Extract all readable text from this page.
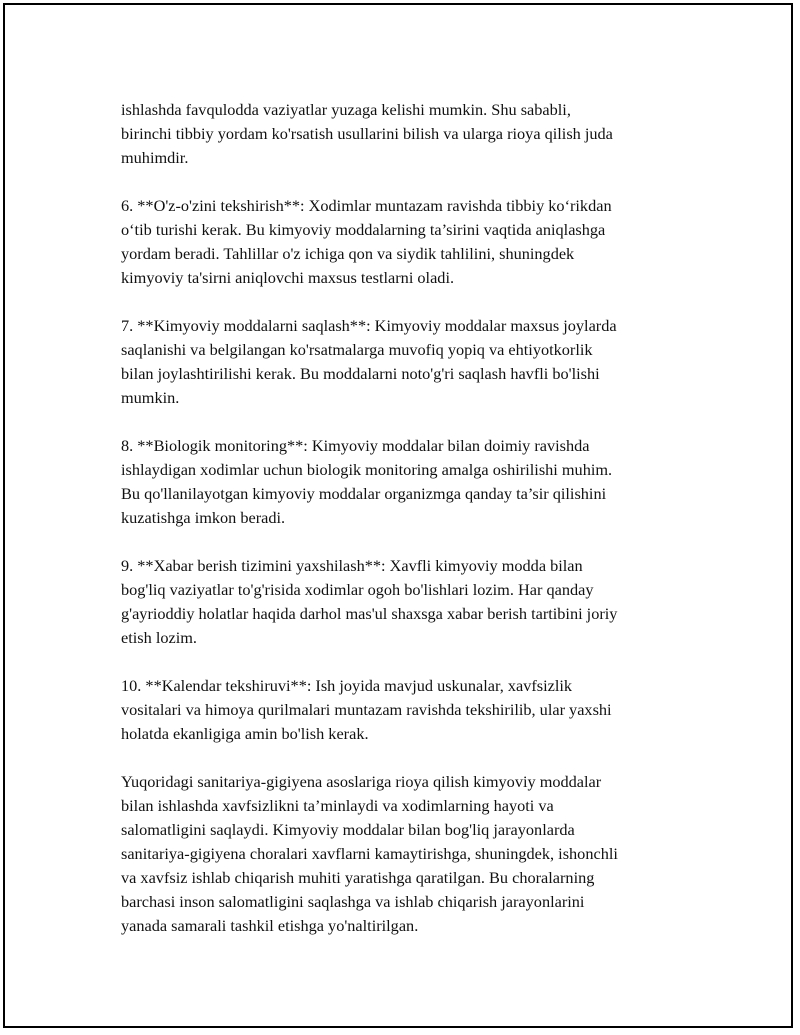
ishlashda favqulodda vaziyatlar yuzaga kelishi mumkin. Shu sababli,
birinchi tibbiy yordam ko'rsatish usullarini bilish va ularga rioya qilish juda
muhimdir.

6. **O'z-o'zini tekshirish**: Xodimlar muntazam ravishda tibbiy ko‘rikdan
o‘tib turishi kerak. Bu kimyoviy moddalarning ta’sirini vaqtida aniqlashga
yordam beradi. Tahlillar o'z ichiga qon va siydik tahlilini, shuningdek
kimyoviy ta'sirni aniqlovchi maxsus testlarni oladi.

7. **Kimyoviy moddalarni saqlash**: Kimyoviy moddalar maxsus joylarda
saqlanishi va belgilangan ko'rsatmalarga muvofiq yopiq va ehtiyotkorlik
bilan joylashtirilishi kerak. Bu moddalarni noto'g'ri saqlash havfli bo'lishi
mumkin.

8. **Biologik monitoring**: Kimyoviy moddalar bilan doimiy ravishda
ishlaydigan xodimlar uchun biologik monitoring amalga oshirilishi muhim.
Bu qo'llanilayotgan kimyoviy moddalar organizmga qanday ta’sir qilishini
kuzatishga imkon beradi.

9. **Xabar berish tizimini yaxshilash**: Xavfli kimyoviy modda bilan
bog'liq vaziyatlar to'g'risida xodimlar ogoh bo'lishlari lozim. Har qanday
g'ayrioddiy holatlar haqida darhol mas'ul shaxsga xabar berish tartibini joriy
etish lozim.

10. **Kalendar tekshiruvi**: Ish joyida mavjud uskunalar, xavfsizlik
vositalari va himoya qurilmalari muntazam ravishda tekshirilib, ular yaxshi
holatda ekanligiga amin bo'lish kerak.

Yuqoridagi sanitariya-gigiyena asoslariga rioya qilish kimyoviy moddalar
bilan ishlashda xavfsizlikni ta’minlaydi va xodimlarning hayoti va
salomatligini saqlaydi. Kimyoviy moddalar bilan bog'liq jarayonlarda
sanitariya-gigiyena choralari xavflarni kamaytirishga, shuningdek, ishonchli
va xavfsiz ishlab chiqarish muhiti yaratishga qaratilgan. Bu choralarning
barchasi inson salomatligini saqlashga va ishlab chiqarish jarayonlarini
yanada samarali tashkil etishga yo'naltirilgan.
